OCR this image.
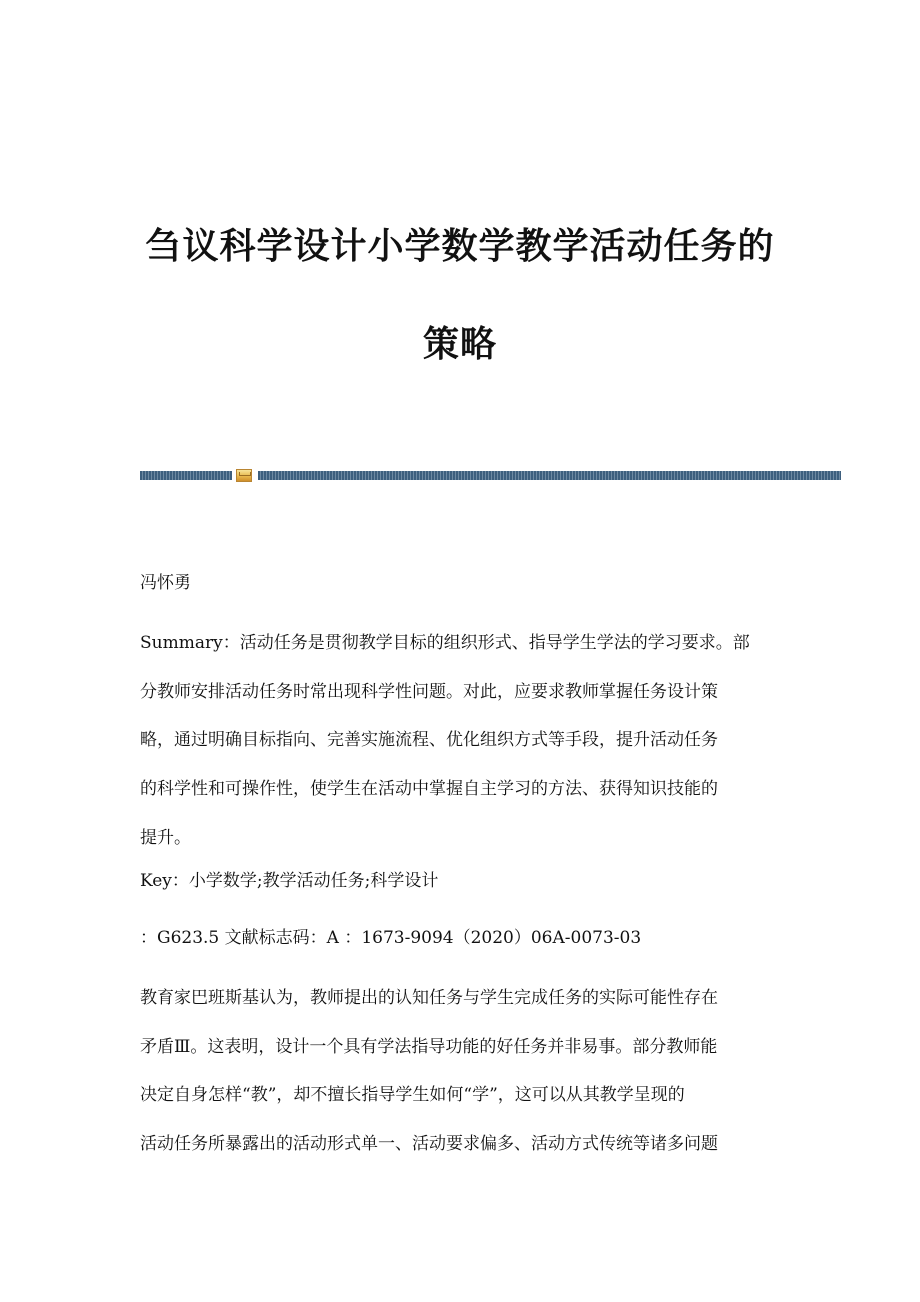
刍议科学设计小学数学教学活动任务的
策略
冯怀勇
Summary：活动任务是贯彻教学目标的组织形式、指导学生学法的学习要求。部
分教师安排活动任务时常出现科学性问题。对此，应要求教师掌握任务设计策
略，通过明确目标指向、完善实施流程、优化组织方式等手段，提升活动任务
的科学性和可操作性，使学生在活动中掌握自主学习的方法、获得知识技能的
提升。
Key：小学数学;教学活动任务;科学设计
：G623.5 文献标志码：A ：1673-9094（2020）06A-0073-03
教育家巴班斯基认为，教师提出的认知任务与学生完成任务的实际可能性存在
矛盾Ⅲ。这表明，设计一个具有学法指导功能的好任务并非易事。部分教师能
决定自身怎样“教”，却不擅长指导学生如何“学”，这可以从其教学呈现的
活动任务所暴露出的活动形式单一、活动要求偏多、活动方式传统等诸多问题
